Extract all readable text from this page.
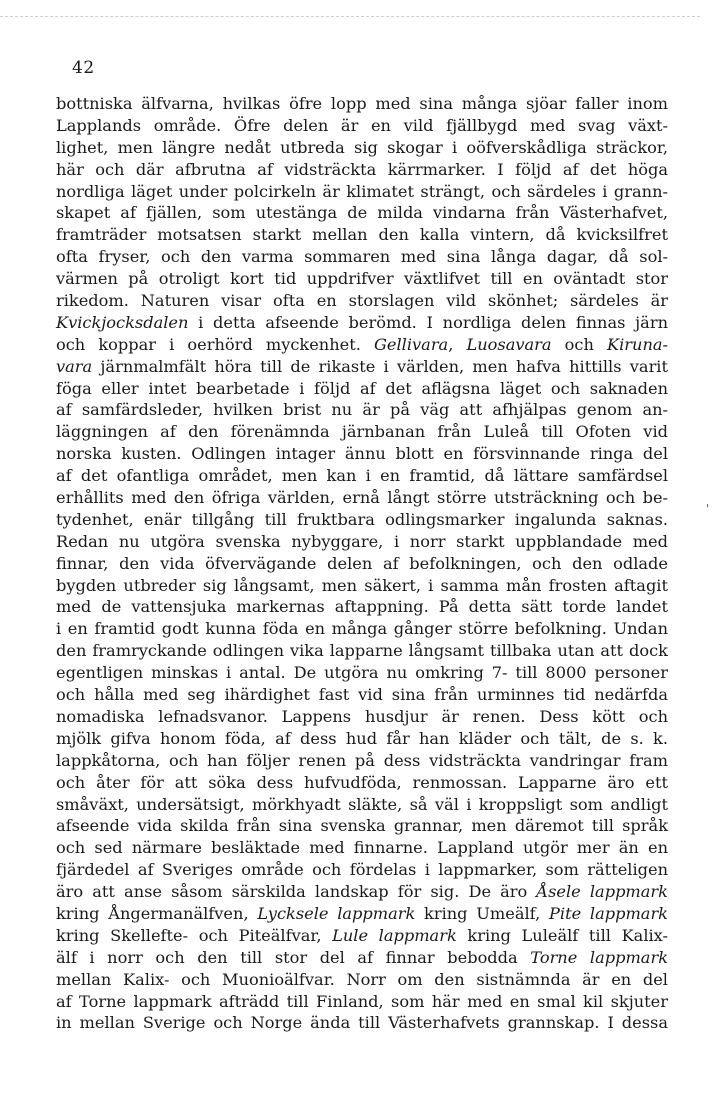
42
bottniska älfvarna, hvilkas öfre lopp med sina många sjöar faller inom
Lapplands område. Öfre delen är en vild fjällbygd med svag växt-
lighet, men längre nedåt utbreda sig skogar i oöfverskådliga sträckor,
här och där afbrutna af vidsträckta kärrmarker. I följd af det höga
nordliga läget under polcirkeln är klimatet strängt, och särdeles i grann-
skapet af fjällen, som utestänga de milda vindarna från Västerhafvet,
framträder motsatsen starkt mellan den kalla vintern, då kvicksilfret
ofta fryser, och den varma sommaren med sina långa dagar, då sol-
värmen på otroligt kort tid uppdrifver växtlifvet till en oväntadt stor
rikedom. Naturen visar ofta en storslagen vild skönhet; särdeles är
Kvickjocksdalen i detta afseende berömd. I nordliga delen finnas järn
och koppar i oerhörd myckenhet. Gellivara, Luosavara och Kiruna-
vara järnmalmfält höra till de rikaste i världen, men hafva hittills varit
föga eller intet bearbetade i följd af det aflägsna läget och saknaden
af samfärdsleder, hvilken brist nu är på väg att afhjälpas genom an-
läggningen af den förenämnda järnbanan från Luleå till Ofoten vid
norska kusten. Odlingen intager ännu blott en försvinnande ringa del
af det ofantliga området, men kan i en framtid, då lättare samfärdsel
erhållits med den öfriga världen, ernå långt större utsträckning och be-
tydenhet, enär tillgång till fruktbara odlingsmarker ingalunda saknas.
Redan nu utgöra svenska nybyggare, i norr starkt uppblandade med
finnar, den vida öfvervägande delen af befolkningen, och den odlade
bygden utbreder sig långsamt, men säkert, i samma mån frosten aftagit
med de vattensjuka markernas aftappning. På detta sätt torde landet
i en framtid godt kunna föda en många gånger större befolkning. Undan
den framryckande odlingen vika lapparne långsamt tillbaka utan att dock
egentligen minskas i antal. De utgöra nu omkring 7- till 8000 personer
och hålla med seg ihärdighet fast vid sina från urminnes tid nedärfda
nomadiska lefnadsvanor. Lappens husdjur är renen. Dess kött och
mjölk gifva honom föda, af dess hud får han kläder och tält, de s. k.
lappkåtorna, och han följer renen på dess vidsträckta vandringar fram
och åter för att söka dess hufvudföda, renmossan. Lapparne äro ett
småväxt, undersätsigt, mörkhyadt släkte, så väl i kroppsligt som andligt
afseende vida skilda från sina svenska grannar, men däremot till språk
och sed närmare besläktade med finnarne. Lappland utgör mer än en
fjärdedel af Sveriges område och fördelas i lappmarker, som rätteligen
äro att anse såsom särskilda landskap för sig. De äro Åsele lappmark
kring Ångermanälfven, Lycksele lappmark kring Umeälf, Pite lappmark
kring Skellefte- och Piteälfvar, Lule lappmark kring Luleälf till Kalix-
älf i norr och den till stor del af finnar bebodda Torne lappmark
mellan Kalix- och Muonioälfvar. Norr om den sistnämnda är en del
af Torne lappmark afträdd till Finland, som här med en smal kil skjuter
in mellan Sverige och Norge ända till Västerhafvets grannskap. I dessa
'
